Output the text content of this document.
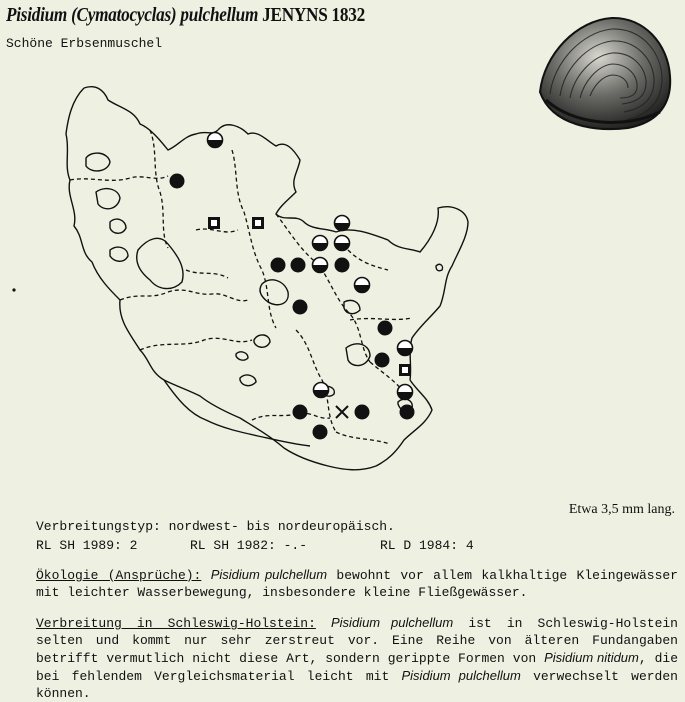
Pisidium (Cymatocyclas) pulchellum JENYNS 1832
Schöne Erbsenmuschel
Etwa 3,5 mm lang.
Verbreitungstyp: nordwest- bis nordeuropäisch.
RL SH 1989: 2	RL SH 1982: -.-	RL D 1984: 4
Ökologie (Ansprüche): Pisidium pulchellum bewohnt vor allem kalkhaltige Kleingewässer mit leichter Wasserbewegung, insbesondere kleine Fließgewässer.
Verbreitung in Schleswig-Holstein: Pisidium pulchellum ist in Schleswig-Holstein selten und kommt nur sehr zerstreut vor. Eine Reihe von älteren Fundangaben betrifft vermutlich nicht diese Art, sondern gerippte Formen von Pisidium nitidum, die bei fehlendem Vergleichsmaterial leicht mit Pisidium pulchellum verwechselt werden können.
